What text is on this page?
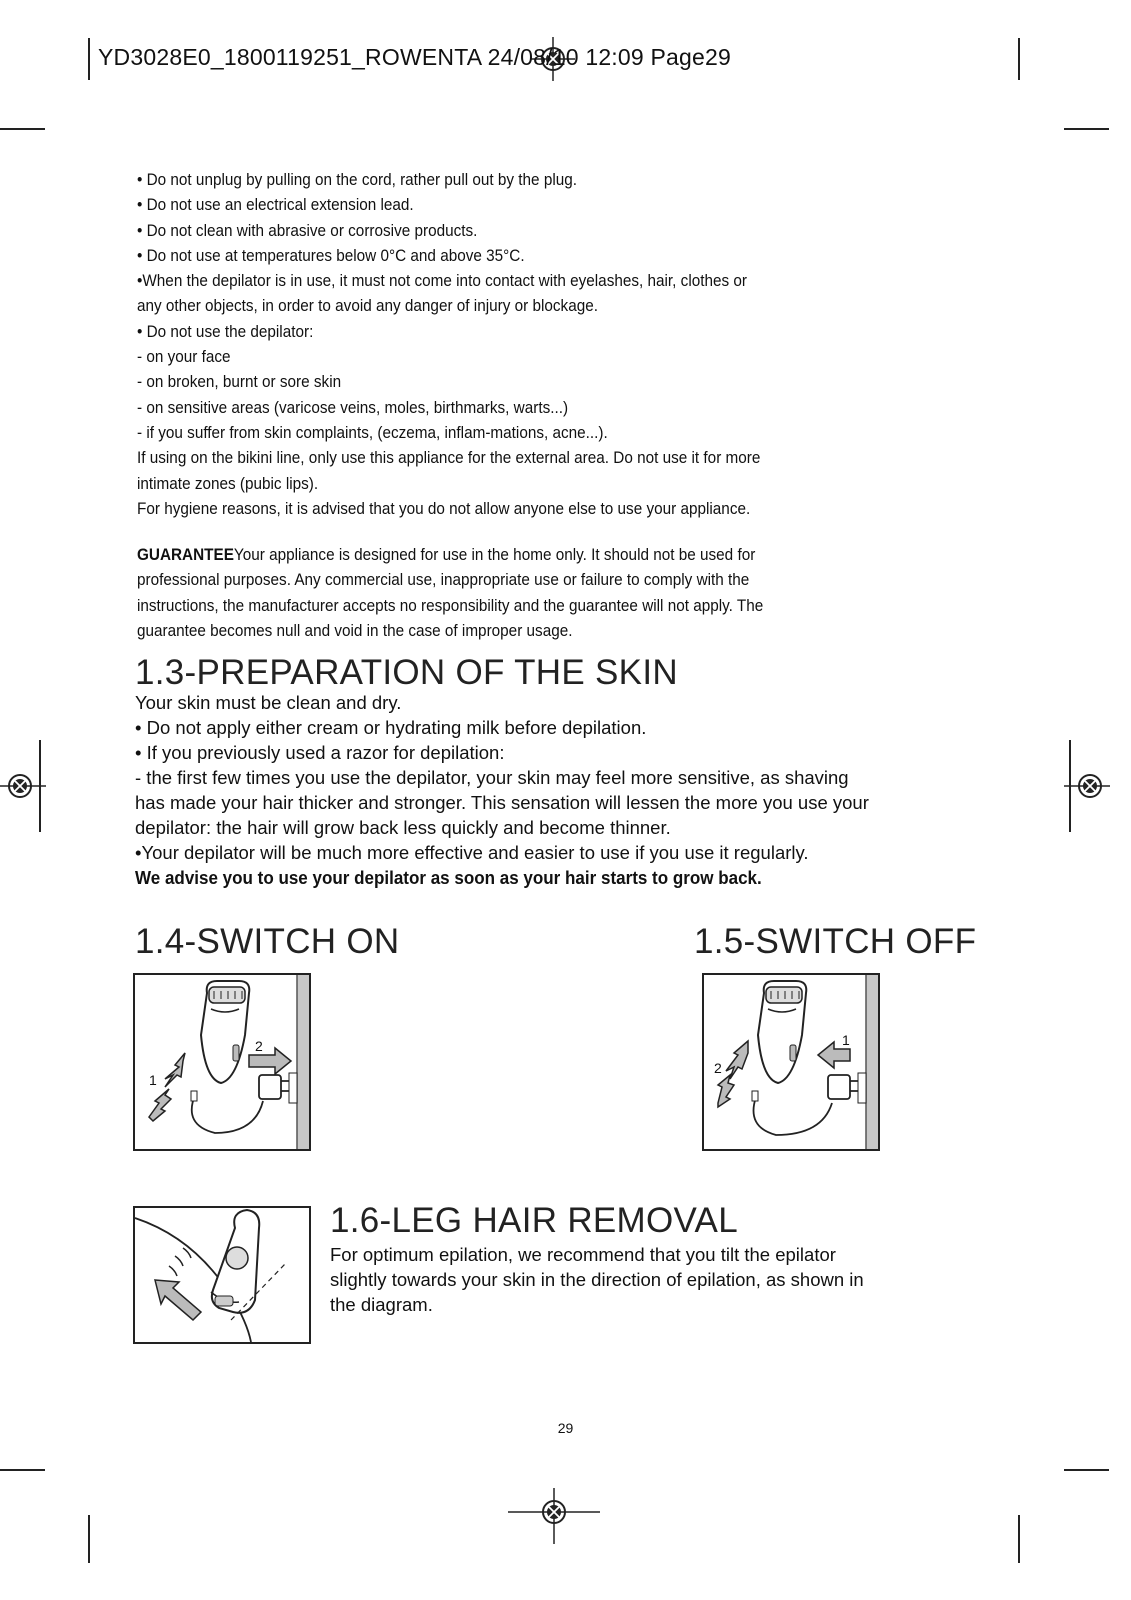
YD3028E0_1800119251_ROWENTA 24/08/10 12:09 Page29

• Do not unplug by pulling on the cord, rather pull out by the plug.

• Do not use an electrical extension lead.

• Do not clean with abrasive or corrosive products.

• Do not use at temperatures below 0°C and above 35°C.

•When the depilator is in use, it must not come into contact with eyelashes, hair, clothes or

any other objects, in order to avoid any danger of injury or blockage.

• Do not use the depilator:

- on your face

- on broken, burnt or sore skin

- on sensitive areas (varicose veins, moles, birthmarks, warts...)

- if you suffer from skin complaints, (eczema, inflam-mations, acne...).

If using on the bikini line, only use this appliance for the external area. Do not use it for more

intimate zones (pubic lips).

For hygiene reasons, it is advised that you do not allow anyone else to use your appliance.

GUARANTEEYour appliance is designed for use in the home only. It should not be used for

professional purposes. Any commercial use, inappropriate use or failure to comply with the

instructions, the manufacturer accepts no responsibility and the guarantee will not apply. The

guarantee becomes null and void in the case of improper usage.

1.3-PREPARATION OF THE SKIN

Your skin must be clean and dry.

• Do not apply either cream or hydrating milk before depilation.

• If you previously used a razor for depilation:

- the first few times you use the depilator, your skin may feel more sensitive, as shaving

has made your hair thicker and stronger. This sensation will lessen the more you use your

depilator: the hair will grow back less quickly and become thinner.

•Your depilator will be much more effective and easier to use if you use it regularly.

We advise you to use your depilator as soon as your hair starts to grow back.

1.4-SWITCH ON
2
1
1.5-SWITCH OFF
1
2
1.6-LEG HAIR REMOVAL

For optimum epilation, we recommend that you tilt the epilator

slightly towards your skin in the direction of epilation, as shown in

the diagram.

29
